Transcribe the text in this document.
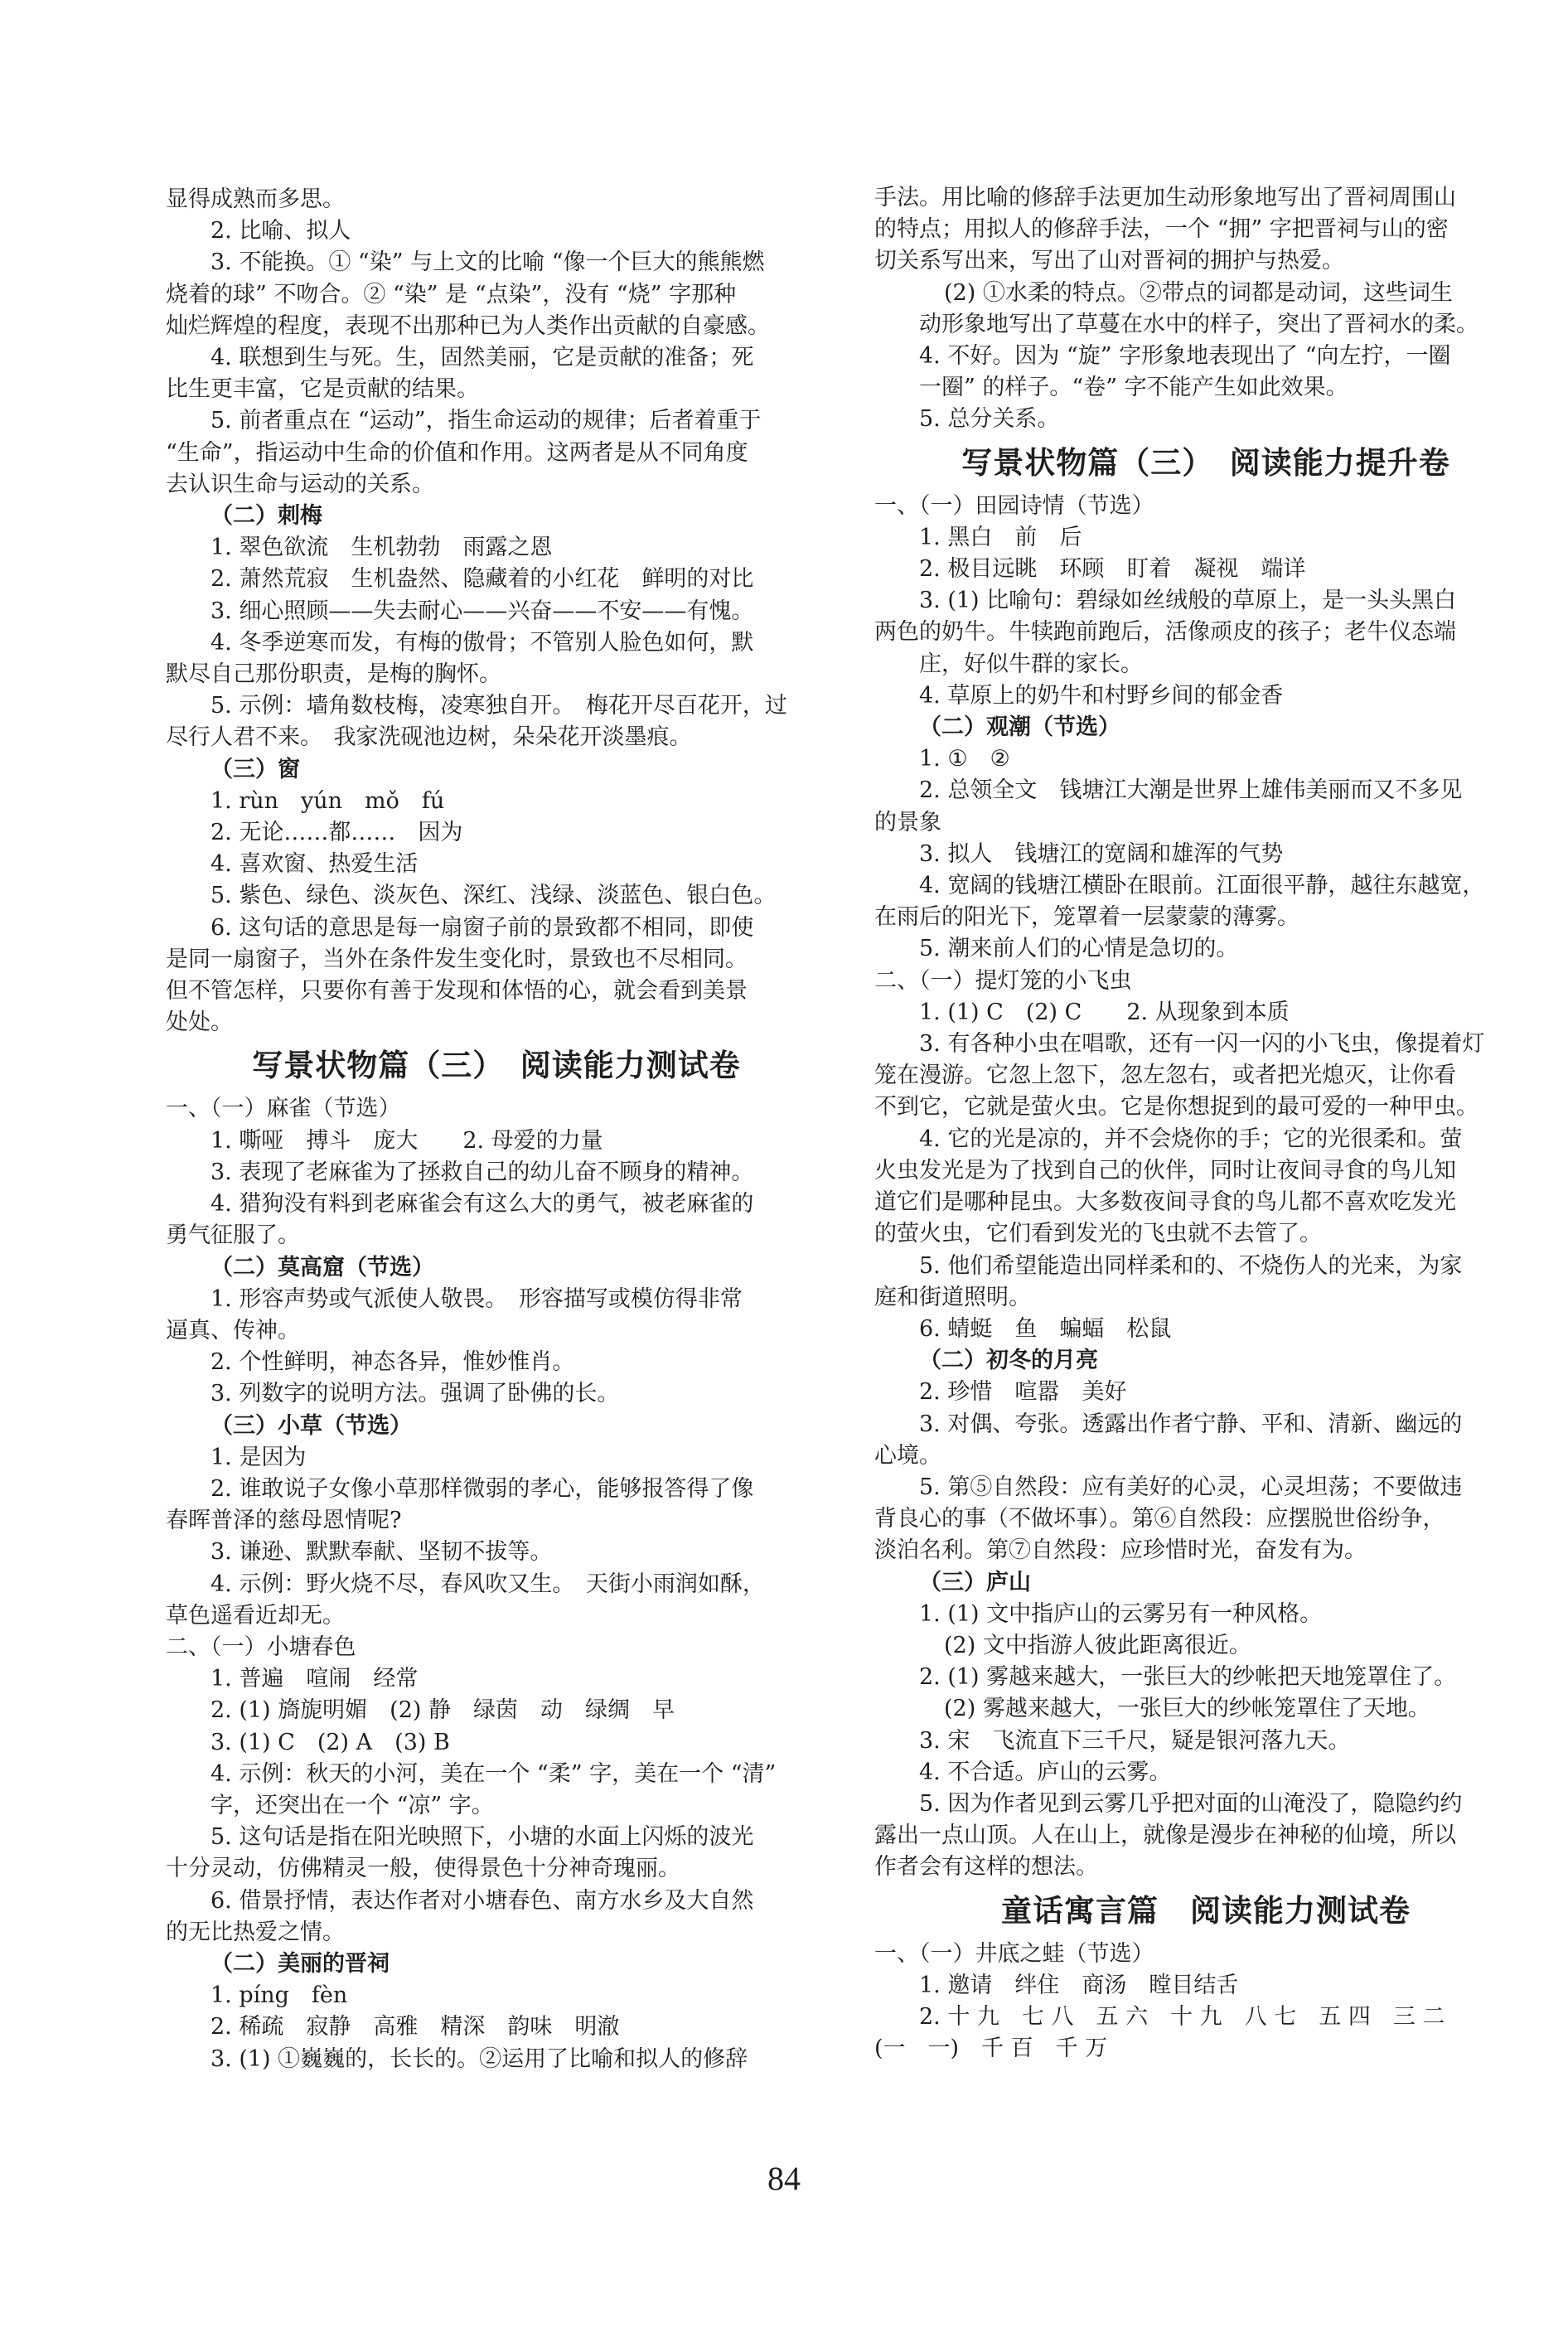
显得成熟而多思。
2. 比喻、拟人
3. 不能换。① “染” 与上文的比喻 “像一个巨大的熊熊燃
烧着的球” 不吻合。② “染” 是 “点染”，没有 “烧” 字那种
灿烂辉煌的程度，表现不出那种已为人类作出贡献的自豪感。
4. 联想到生与死。生，固然美丽，它是贡献的准备；死
比生更丰富，它是贡献的结果。
5. 前者重点在 “运动”，指生命运动的规律；后者着重于
“生命”，指运动中生命的价值和作用。这两者是从不同角度
去认识生命与运动的关系。
（二）刺梅
1. 翠色欲流　生机勃勃　雨露之恩
2. 萧然荒寂　生机盎然、隐藏着的小红花　鲜明的对比
3. 细心照顾——失去耐心——兴奋——不安——有愧。
4. 冬季逆寒而发，有梅的傲骨；不管别人脸色如何，默
默尽自己那份职责，是梅的胸怀。
5. 示例：墙角数枝梅，凌寒独自开。　梅花开尽百花开，过
尽行人君不来。　我家洗砚池边树，朵朵花开淡墨痕。
（三）窗
1. rùn　yún　mǒ　fú
2. 无论……都……　因为
4. 喜欢窗、热爱生活
5. 紫色、绿色、淡灰色、深红、浅绿、淡蓝色、银白色。
6. 这句话的意思是每一扇窗子前的景致都不相同，即使
是同一扇窗子，当外在条件发生变化时，景致也不尽相同。
但不管怎样，只要你有善于发现和体悟的心，就会看到美景
处处。
写景状物篇（三）　阅读能力测试卷
一、（一）麻雀（节选）
1. 嘶哑　搏斗　庞大　　2. 母爱的力量
3. 表现了老麻雀为了拯救自己的幼儿奋不顾身的精神。
4. 猎狗没有料到老麻雀会有这么大的勇气，被老麻雀的
勇气征服了。
（二）莫高窟（节选）
1. 形容声势或气派使人敬畏。　形容描写或模仿得非常
逼真、传神。
2. 个性鲜明，神态各异，惟妙惟肖。
3. 列数字的说明方法。强调了卧佛的长。
（三）小草（节选）
1. 是因为
2. 谁敢说子女像小草那样微弱的孝心，能够报答得了像
春晖普泽的慈母恩情呢?
3. 谦逊、默默奉献、坚韧不拔等。
4. 示例：野火烧不尽，春风吹又生。　天街小雨润如酥，
草色遥看近却无。
二、（一）小塘春色
1. 普遍　喧闹　经常
2. (1) 旖旎明媚　(2) 静　绿茵　动　绿绸　早
3. (1) C　(2) A　(3) B
4. 示例：秋天的小河，美在一个 “柔” 字，美在一个 “清”
字，还突出在一个 “凉” 字。
5. 这句话是指在阳光映照下，小塘的水面上闪烁的波光
十分灵动，仿佛精灵一般，使得景色十分神奇瑰丽。
6. 借景抒情，表达作者对小塘春色、南方水乡及大自然
的无比热爱之情。
（二）美丽的晋祠
1. píng　fèn
2. 稀疏　寂静　高雅　精深　韵味　明澈
3. (1) ①巍巍的，长长的。②运用了比喻和拟人的修辞
手法。用比喻的修辞手法更加生动形象地写出了晋祠周围山
的特点；用拟人的修辞手法，一个 “拥” 字把晋祠与山的密
切关系写出来，写出了山对晋祠的拥护与热爱。
(2) ①水柔的特点。②带点的词都是动词，这些词生
动形象地写出了草蔓在水中的样子，突出了晋祠水的柔。
4. 不好。因为 “旋” 字形象地表现出了 “向左拧，一圈
一圈” 的样子。“卷” 字不能产生如此效果。
5. 总分关系。
写景状物篇（三）　阅读能力提升卷
一、（一）田园诗情（节选）
1. 黑白　前　后
2. 极目远眺　环顾　盯着　凝视　端详
3. (1) 比喻句：碧绿如丝绒般的草原上，是一头头黑白
两色的奶牛。牛犊跑前跑后，活像顽皮的孩子；老牛仪态端
庄，好似牛群的家长。
4. 草原上的奶牛和村野乡间的郁金香
（二）观潮（节选）
1. ①　②
2. 总领全文　钱塘江大潮是世界上雄伟美丽而又不多见
的景象
3. 拟人　钱塘江的宽阔和雄浑的气势
4. 宽阔的钱塘江横卧在眼前。江面很平静，越往东越宽，
在雨后的阳光下，笼罩着一层蒙蒙的薄雾。
5. 潮来前人们的心情是急切的。
二、（一）提灯笼的小飞虫
1. (1) C　(2) C　　2. 从现象到本质
3. 有各种小虫在唱歌，还有一闪一闪的小飞虫，像提着灯
笼在漫游。它忽上忽下，忽左忽右，或者把光熄灭，让你看
不到它，它就是萤火虫。它是你想捉到的最可爱的一种甲虫。
4. 它的光是凉的，并不会烧你的手；它的光很柔和。萤
火虫发光是为了找到自己的伙伴，同时让夜间寻食的鸟儿知
道它们是哪种昆虫。大多数夜间寻食的鸟儿都不喜欢吃发光
的萤火虫，它们看到发光的飞虫就不去管了。
5. 他们希望能造出同样柔和的、不烧伤人的光来，为家
庭和街道照明。
6. 蜻蜓　鱼　蝙蝠　松鼠
（二）初冬的月亮
2. 珍惜　喧嚣　美好
3. 对偶、夸张。透露出作者宁静、平和、清新、幽远的
心境。
5. 第⑤自然段：应有美好的心灵，心灵坦荡；不要做违
背良心的事（不做坏事）。第⑥自然段：应摆脱世俗纷争，
淡泊名利。第⑦自然段：应珍惜时光，奋发有为。
（三）庐山
1. (1) 文中指庐山的云雾另有一种风格。
(2) 文中指游人彼此距离很近。
2. (1) 雾越来越大，一张巨大的纱帐把天地笼罩住了。
(2) 雾越来越大，一张巨大的纱帐笼罩住了天地。
3. 宋　飞流直下三千尺，疑是银河落九天。
4. 不合适。庐山的云雾。
5. 因为作者见到云雾几乎把对面的山淹没了，隐隐约约
露出一点山顶。人在山上，就像是漫步在神秘的仙境，所以
作者会有这样的想法。
童话寓言篇　阅读能力测试卷
一、（一）井底之蛙（节选）
1. 邀请　绊住　商汤　瞠目结舌
2. 十 九　七 八　五 六　十 九　八 七　五 四　三 二
(一　一)　千 百　千 万
84
